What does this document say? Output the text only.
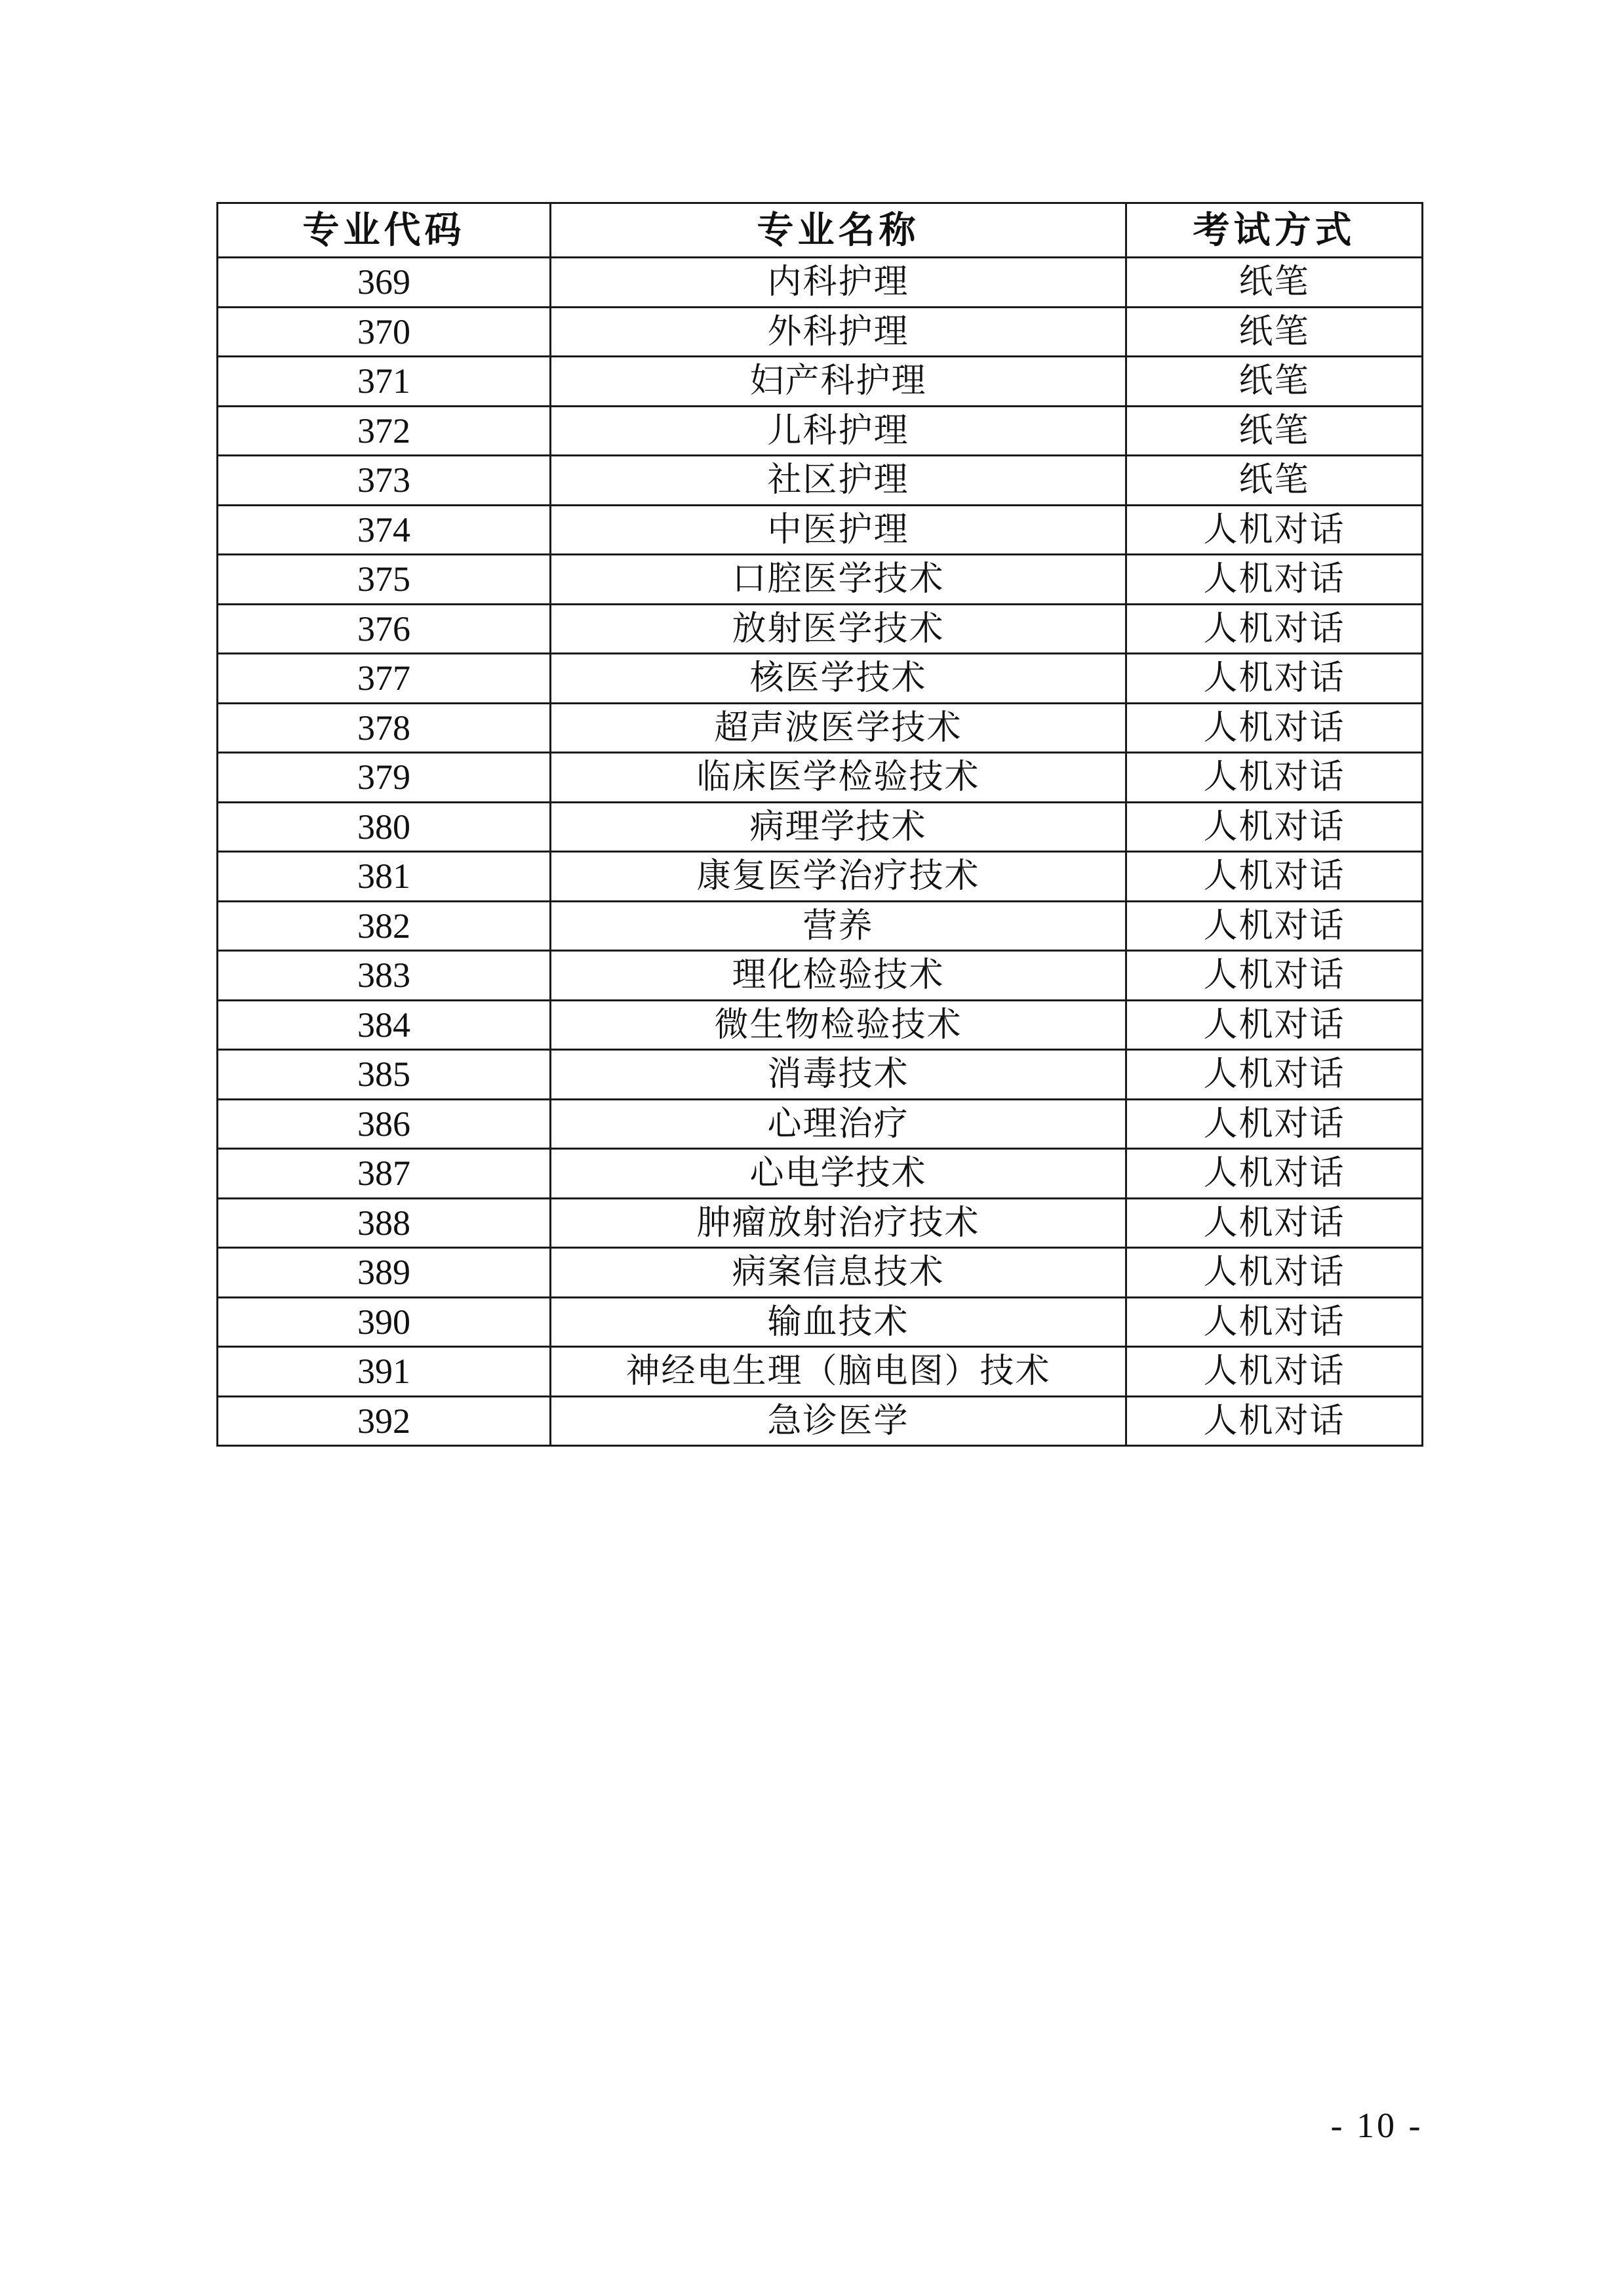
专业代码	专业名称	考试方式
369	内科护理	纸笔
370	外科护理	纸笔
371	妇产科护理	纸笔
372	儿科护理	纸笔
373	社区护理	纸笔
374	中医护理	人机对话
375	口腔医学技术	人机对话
376	放射医学技术	人机对话
377	核医学技术	人机对话
378	超声波医学技术	人机对话
379	临床医学检验技术	人机对话
380	病理学技术	人机对话
381	康复医学治疗技术	人机对话
382	营养	人机对话
383	理化检验技术	人机对话
384	微生物检验技术	人机对话
385	消毒技术	人机对话
386	心理治疗	人机对话
387	心电学技术	人机对话
388	肿瘤放射治疗技术	人机对话
389	病案信息技术	人机对话
390	输血技术	人机对话
391	神经电生理（脑电图）技术	人机对话
392	急诊医学	人机对话
- 10 -
